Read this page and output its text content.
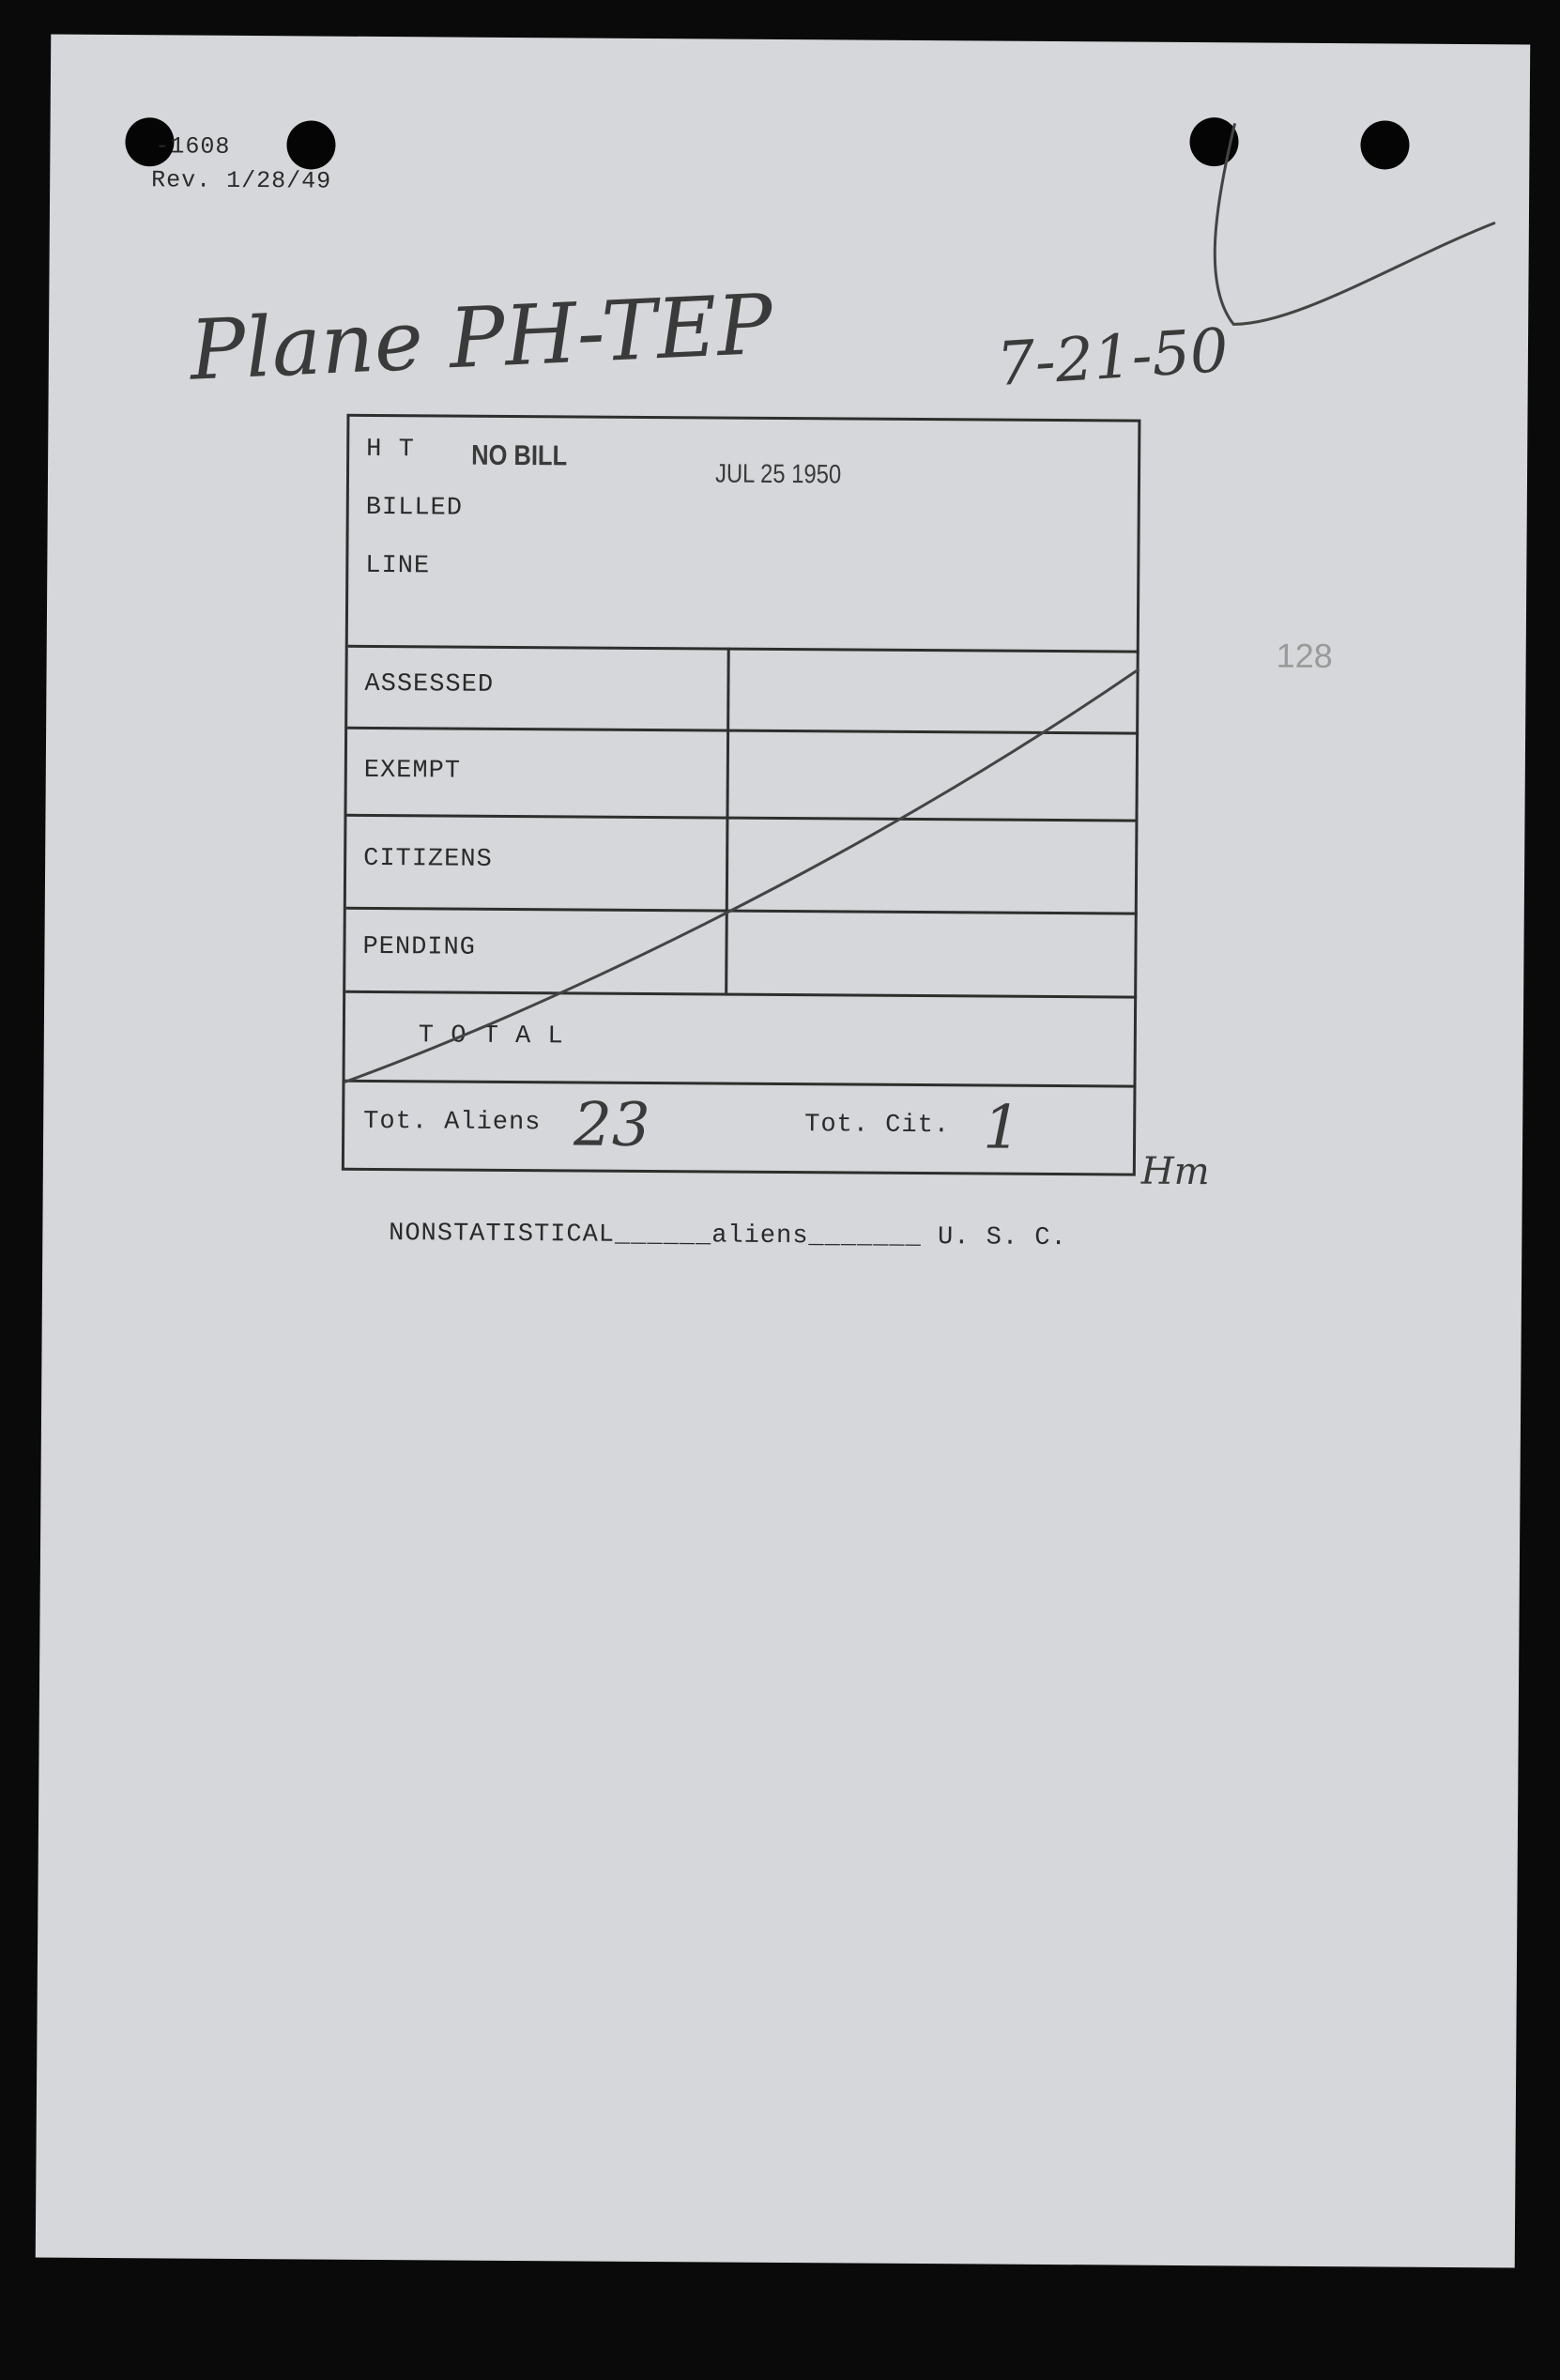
-1608
Rev. 1/28/49
Plane PH-TEP	7-21-50
128
H T NO BILL
JUL 25 1950
BILLED
LINE
ASSESSED
EXEMPT
CITIZENS
PENDING
T O T A L
Tot. Aliens 23	Tot. Cit. 1
Hm

NONSTATISTICAL______aliens_______ U. S. C.
